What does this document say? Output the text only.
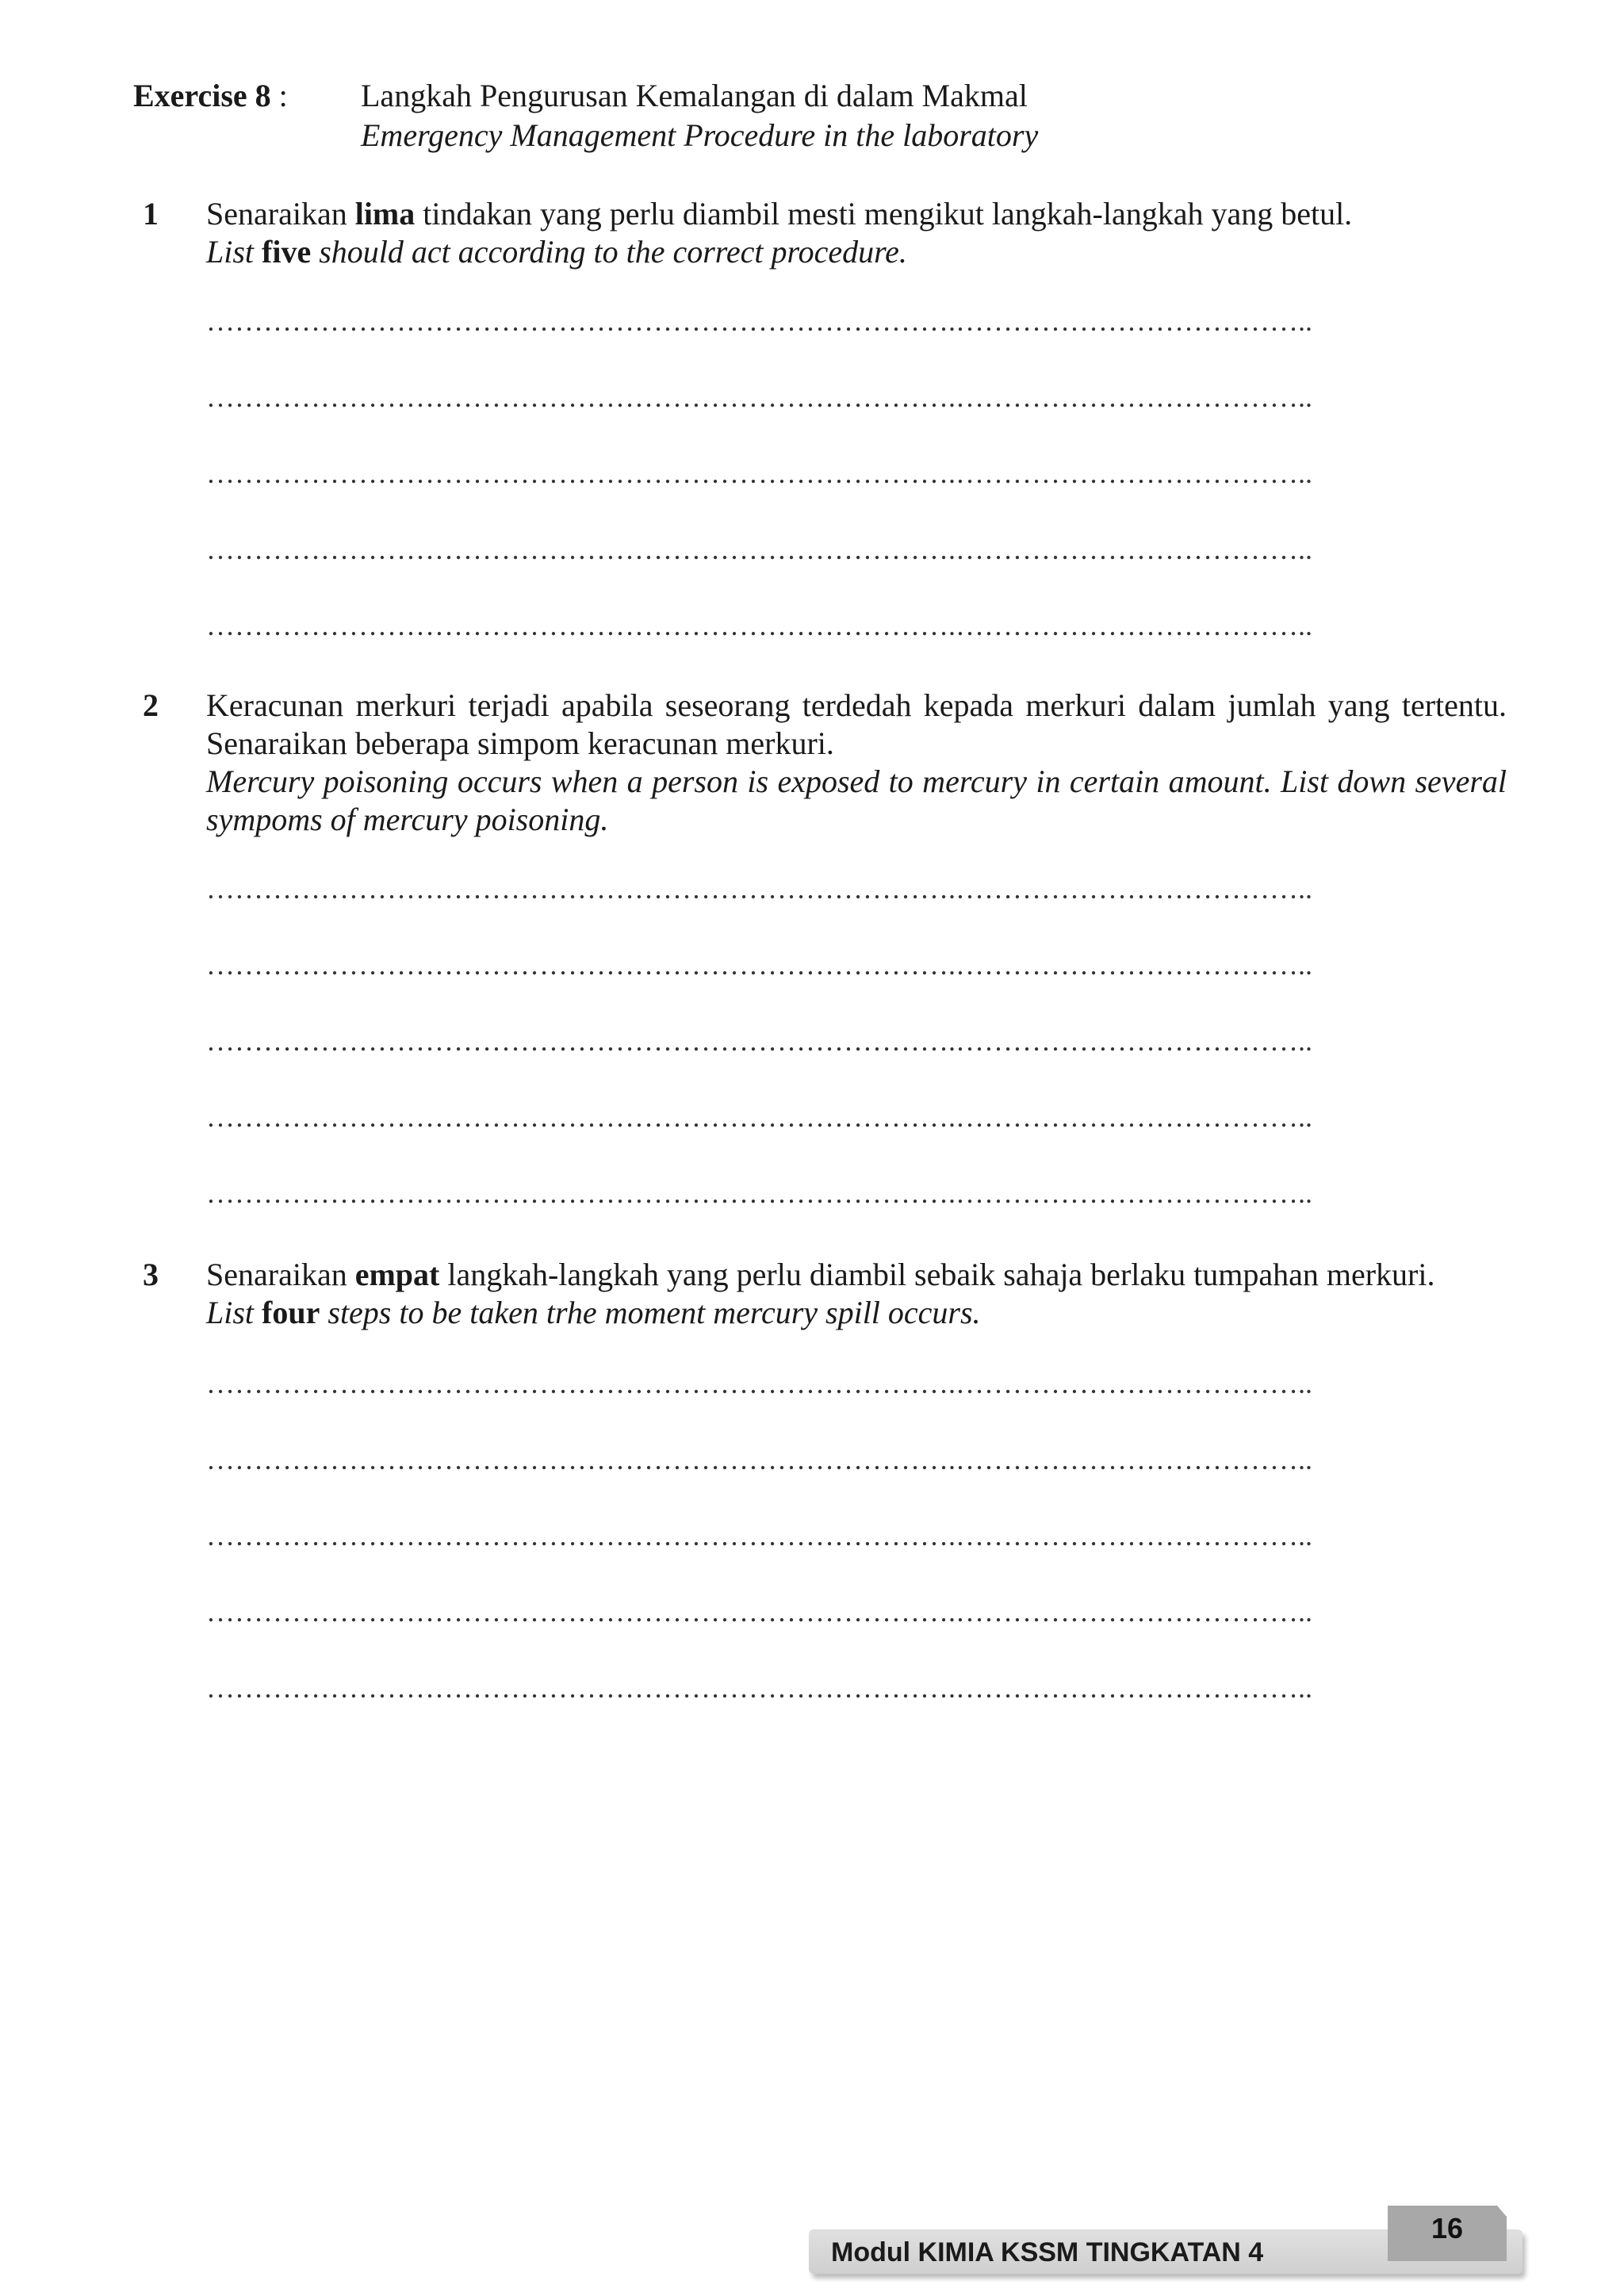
Exercise 8 : Langkah Pengurusan Kemalangan di dalam Makmal
Emergency Management Procedure in the laboratory
1 Senaraikan lima tindakan yang perlu diambil mesti mengikut langkah-langkah yang betul.

List five should act according to the correct procedure.

…………………………………………………………………….………………………………..
…………………………………………………………………….………………………………..
…………………………………………………………………….………………………………..
…………………………………………………………………….………………………………..
…………………………………………………………………….………………………………..
2 Keracunan merkuri terjadi apabila seseorang terdedah kepada merkuri dalam jumlah yang tertentu. Senaraikan beberapa simpom keracunan merkuri.

Mercury poisoning occurs when a person is exposed to mercury in certain amount. List down several sympoms of mercury poisoning.

…………………………………………………………………….………………………………..
…………………………………………………………………….………………………………..
…………………………………………………………………….………………………………..
…………………………………………………………………….………………………………..
…………………………………………………………………….………………………………..
3 Senaraikan empat langkah-langkah yang perlu diambil sebaik sahaja berlaku tumpahan merkuri.

List four steps to be taken trhe moment mercury spill occurs.

…………………………………………………………………….………………………………..
…………………………………………………………………….………………………………..
…………………………………………………………………….………………………………..
…………………………………………………………………….………………………………..
…………………………………………………………………….………………………………..
Modul KIMIA KSSM TINGKATAN 4
16
